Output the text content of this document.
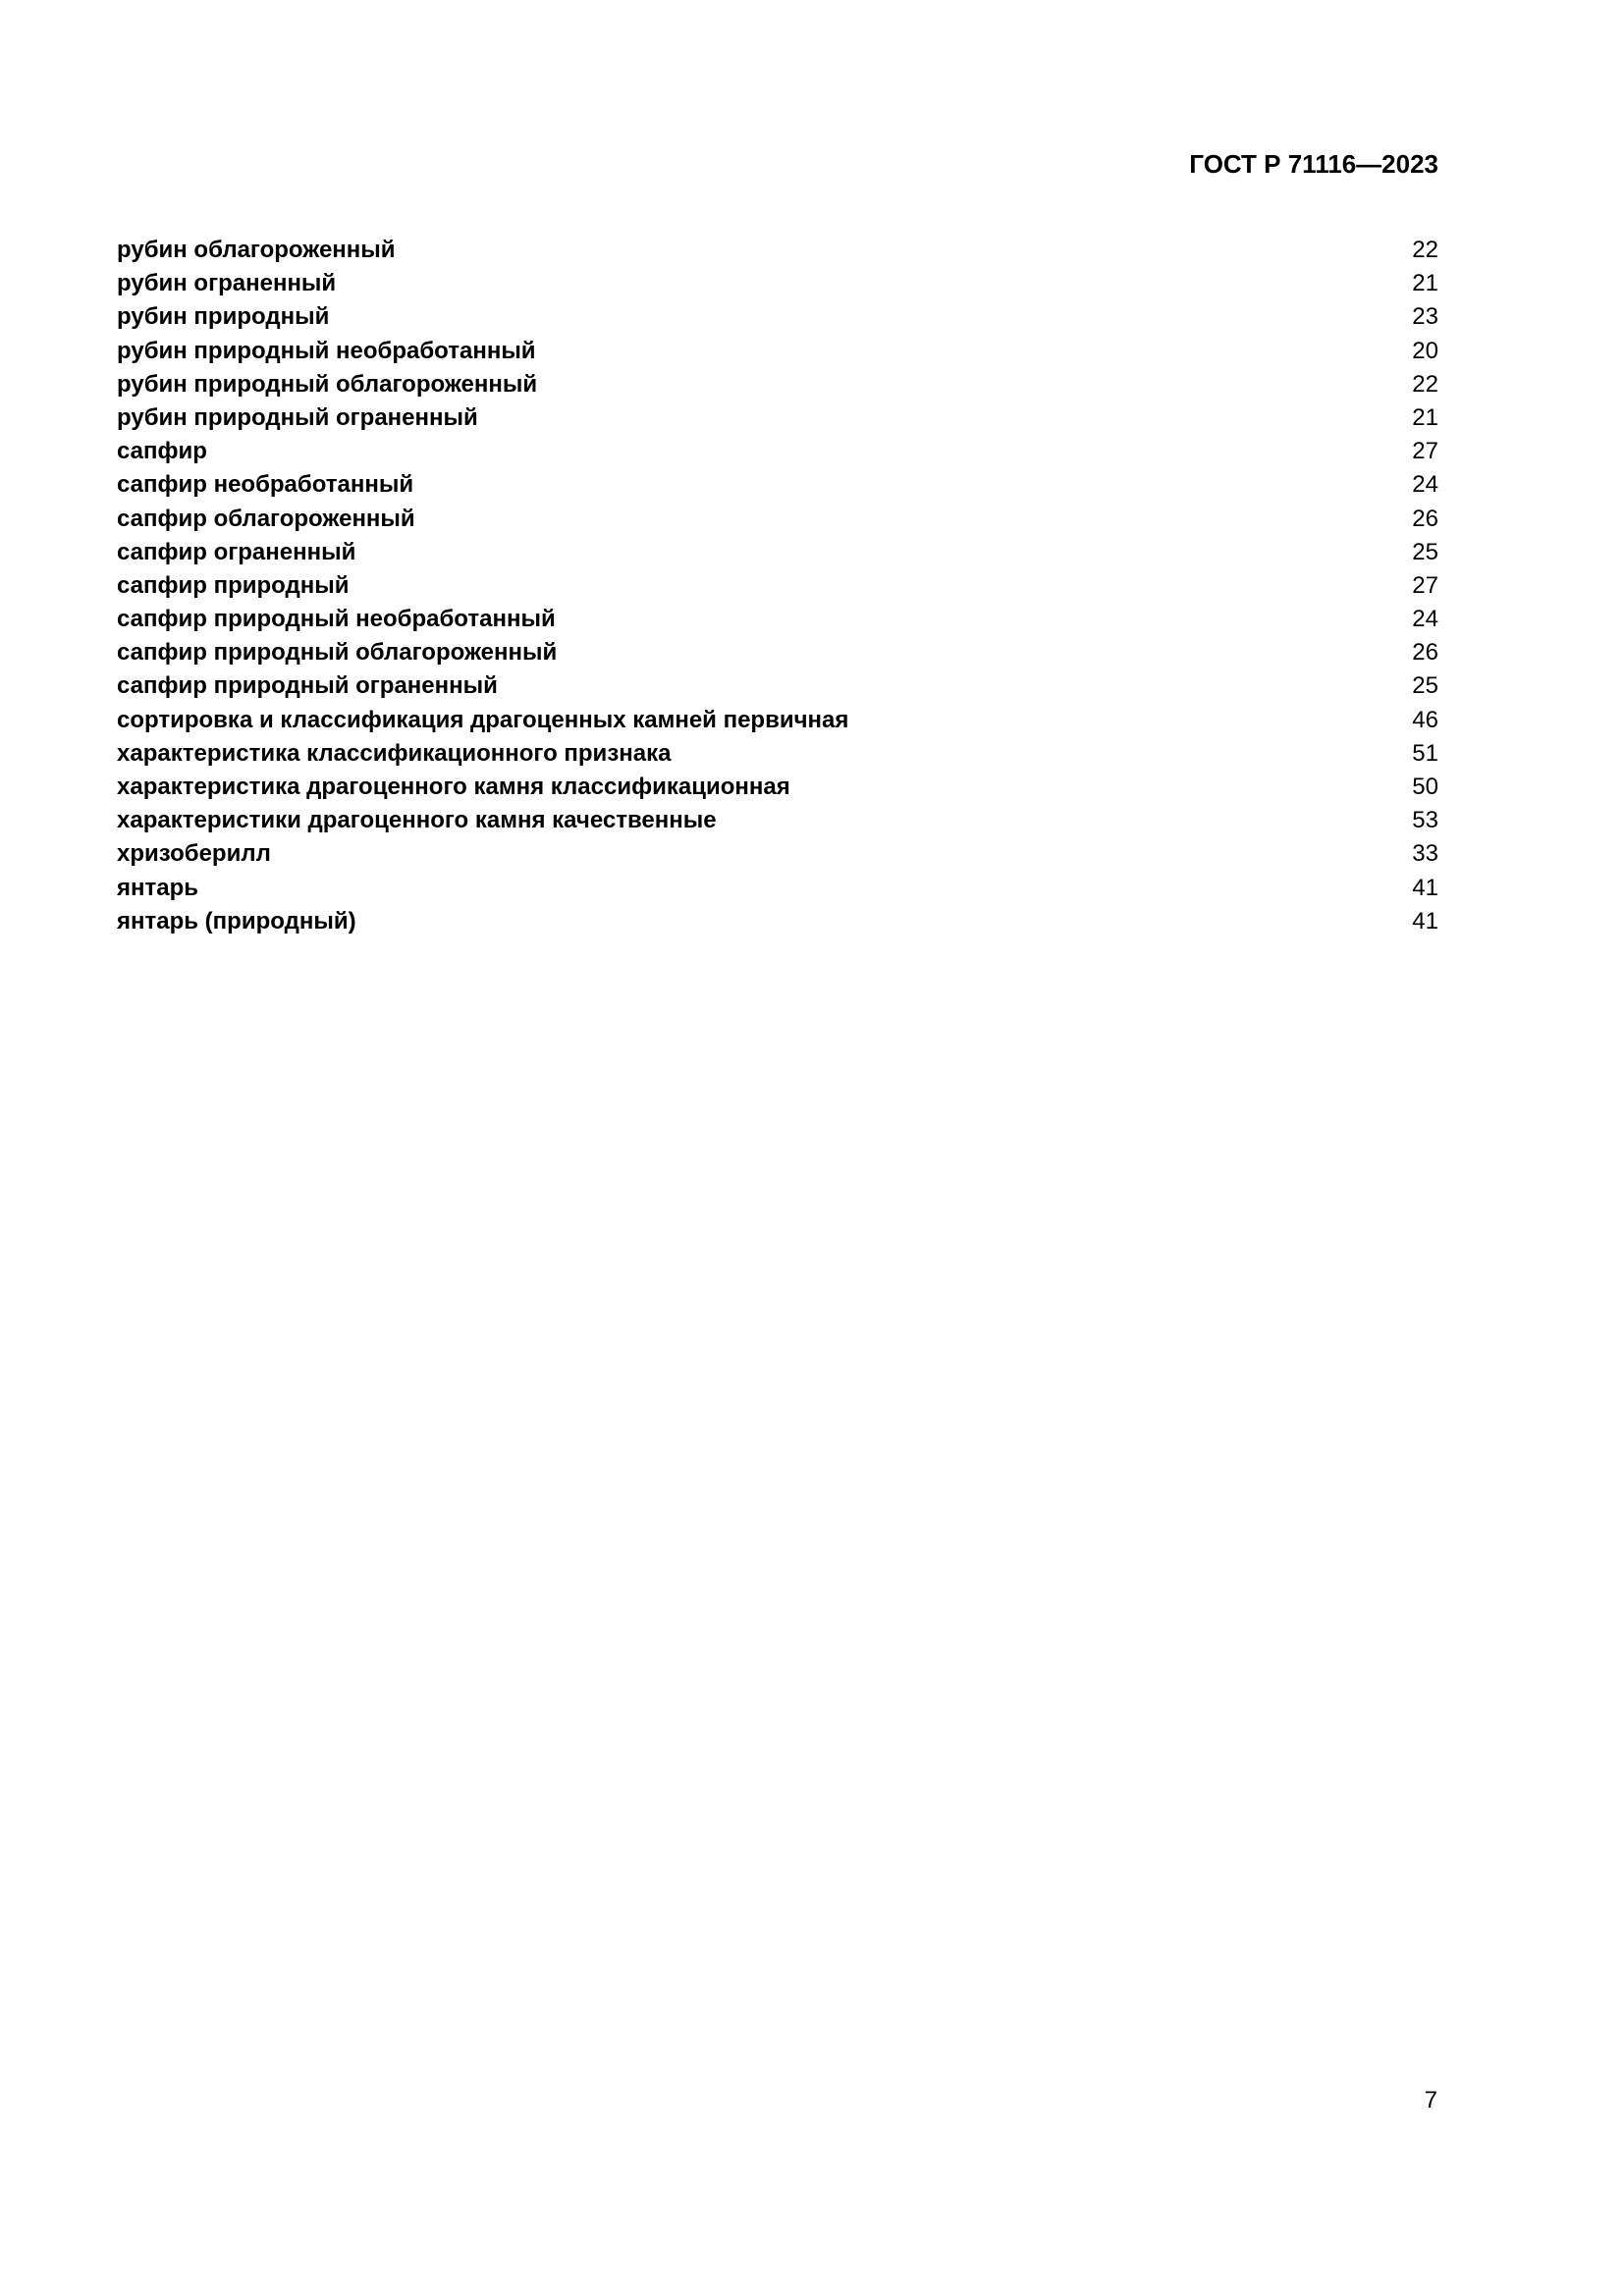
ГОСТ Р 71116—2023
рубин облагороженный	22
рубин ограненный	21
рубин природный	23
рубин природный необработанный	20
рубин природный облагороженный	22
рубин природный ограненный	21
сапфир	27
сапфир необработанный	24
сапфир облагороженный	26
сапфир ограненный	25
сапфир природный	27
сапфир природный необработанный	24
сапфир природный облагороженный	26
сапфир природный ограненный	25
сортировка и классификация драгоценных камней первичная	46
характеристика классификационного признака	51
характеристика драгоценного камня классификационная	50
характеристики драгоценного камня качественные	53
хризоберилл	33
янтарь	41
янтарь (природный)	41
7
